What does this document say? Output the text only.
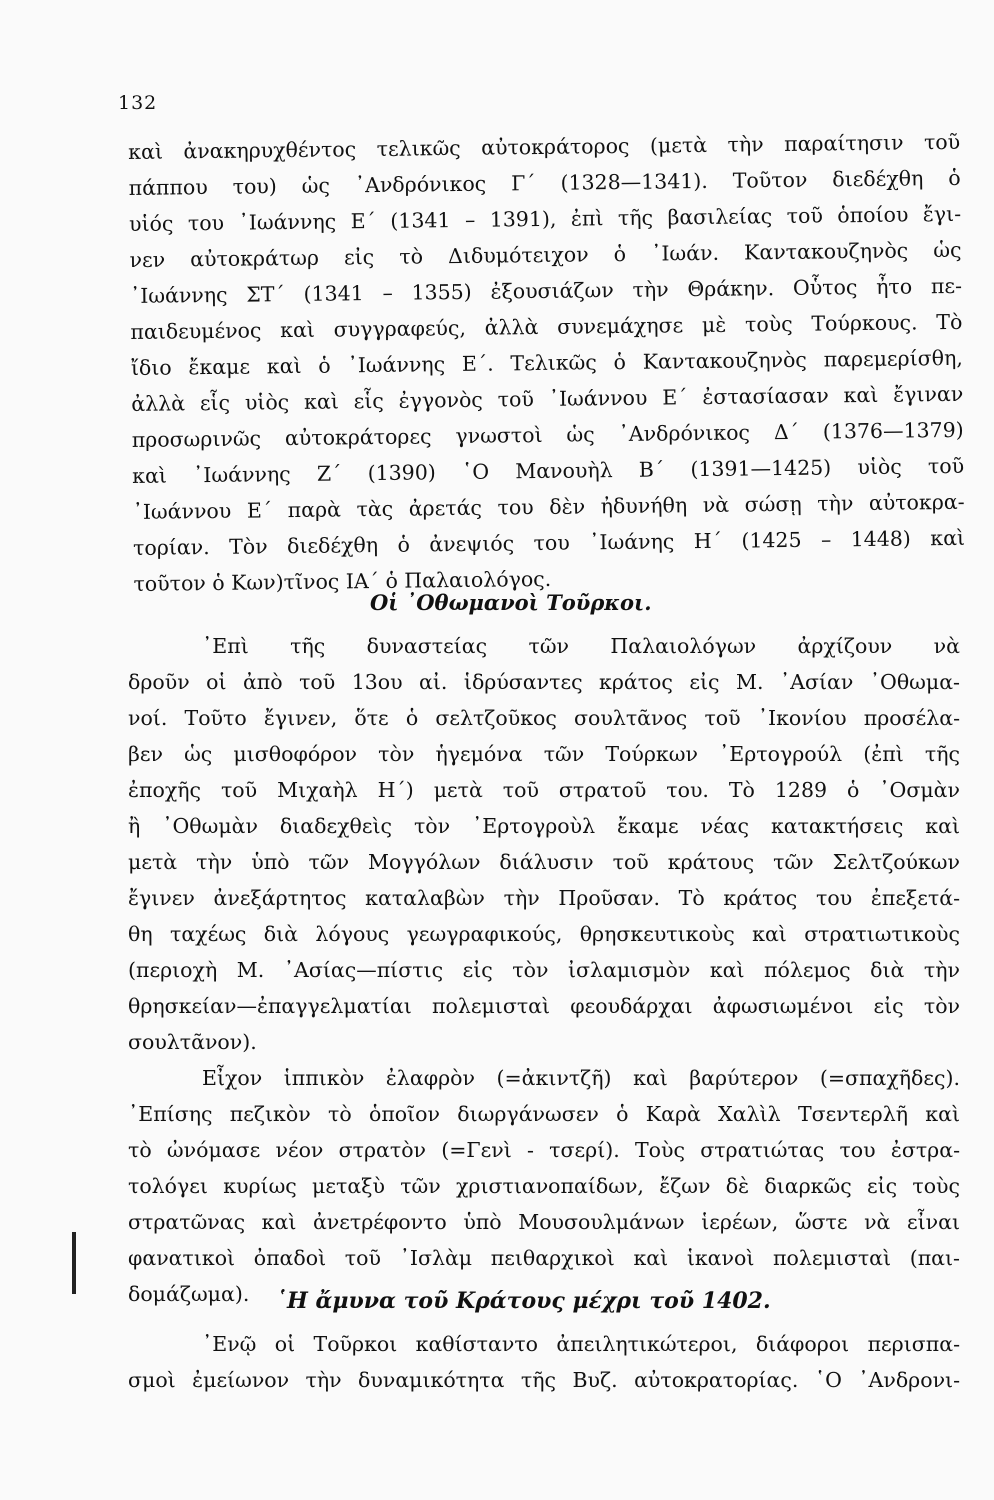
132
καὶ ἀνακηρυχθέντος τελικῶς αὐτοκράτορος (μετὰ τὴν παραίτησιν τοῦ
πάππου του) ὡς ᾿Ανδρόνικος Γ΄ (1328—1341). Τοῦτον διεδέχθη ὁ
υἱός του ᾿Ιωάννης Ε΄ (1341 – 1391), ἐπὶ τῆς βασιλείας τοῦ ὁποίου ἔγι-
νεν αὐτοκράτωρ εἰς τὸ Διδυμότειχον ὁ ᾿Ιωάν. Καντακουζηνὸς ὡς
᾿Ιωάννης ΣΤ΄ (1341 – 1355) ἐξουσιάζων τὴν Θράκην. Οὗτος ἦτο πε-
παιδευμένος καὶ συγγραφεύς, ἀλλὰ συνεμάχησε μὲ τοὺς Τούρκους. Τὸ
ἴδιο ἔκαμε καὶ ὁ ᾿Ιωάννης Ε΄. Τελικῶς ὁ Καντακουζηνὸς παρεμερίσθη,
ἀλλὰ εἷς υἱὸς καὶ εἷς ἐγγονὸς τοῦ ᾿Ιωάννου Ε΄ ἐστασίασαν καὶ ἔγιναν
προσωρινῶς αὐτοκράτορες γνωστοὶ ὡς ᾿Ανδρόνικος Δ΄ (1376—1379)
καὶ ᾿Ιωάννης Ζ΄ (1390) ῾Ο Μανουὴλ Β΄ (1391—1425) υἱὸς τοῦ
᾿Ιωάννου Ε΄ παρὰ τὰς ἀρετάς του δὲν ἠδυνήθη νὰ σώσῃ τὴν αὐτοκρα-
τορίαν. Τὸν διεδέχθη ὁ ἀνεψιός του ᾿Ιωάνης Η΄ (1425 – 1448) καὶ
τοῦτον ὁ Κων)τῖνος ΙΑ΄ ὁ Παλαιολόγος.
Οἱ ᾿Οθωμανοὶ Τοῦρκοι.
᾿Επὶ τῆς δυναστείας τῶν Παλαιολόγων ἀρχίζουν νὰ
δροῦν οἱ ἀπὸ τοῦ 13ου αἰ. ἱδρύσαντες κράτος εἰς Μ. ᾿Ασίαν ᾿Οθωμα-
νοί. Τοῦτο ἔγινεν, ὅτε ὁ σελτζοῦκος σουλτᾶνος τοῦ ᾿Ικονίου προσέλα-
βεν ὡς μισθοφόρον τὸν ἡγεμόνα τῶν Τούρκων ᾿Ερτογρούλ (ἐπὶ τῆς
ἐποχῆς τοῦ Μιχαὴλ Η΄) μετὰ τοῦ στρατοῦ του. Τὸ 1289 ὁ ᾿Οσμὰν
ἢ ᾿Οθωμὰν διαδεχθεὶς τὸν ᾿Ερτογροὺλ ἔκαμε νέας κατακτήσεις καὶ
μετὰ τὴν ὑπὸ τῶν Μογγόλων διάλυσιν τοῦ κράτους τῶν Σελτζούκων
ἔγινεν ἀνεξάρτητος καταλαβὼν τὴν Προῦσαν. Τὸ κράτος του ἐπεξετά-
θη ταχέως διὰ λόγους γεωγραφικούς, θρησκευτικοὺς καὶ στρατιωτικοὺς
(περιοχὴ Μ. ᾿Ασίας—πίστις εἰς τὸν ἰσλαμισμὸν καὶ πόλεμος διὰ τὴν
θρησκείαν—ἐπαγγελματίαι πολεμισταὶ φεουδάρχαι ἀφωσιωμένοι εἰς τὸν
σουλτᾶνον).
Εἶχον ἱππικὸν ἐλαφρὸν (=ἀκιντζῆ) καὶ βαρύτερον (=σπαχῆδες).
᾿Επίσης πεζικὸν τὸ ὁποῖον διωργάνωσεν ὁ Καρὰ Χαλὶλ Τσεντερλῆ καὶ
τὸ ὠνόμασε νέον στρατὸν (=Γενὶ - τσερί). Τοὺς στρατιώτας του ἐστρα-
τολόγει κυρίως μεταξὺ τῶν χριστιανοπαίδων, ἔζων δὲ διαρκῶς εἰς τοὺς
στρατῶνας καὶ ἀνετρέφοντο ὑπὸ Μουσουλμάνων ἱερέων, ὥστε νὰ εἶναι
φανατικοὶ ὀπαδοὶ τοῦ ᾿Ισλὰμ πειθαρχικοὶ καὶ ἱκανοὶ πολεμισταὶ (παι-
δομάζωμα).	῾Η ἄμυνα τοῦ Κράτους μέχρι τοῦ 1402.
᾿Ενῷ οἱ Τοῦρκοι καθίσταντο ἀπειλητικώτεροι, διάφοροι περισπα-
σμοὶ ἐμείωνον τὴν δυναμικότητα τῆς Βυζ. αὐτοκρατορίας. ῾Ο ᾿Ανδρονι-
